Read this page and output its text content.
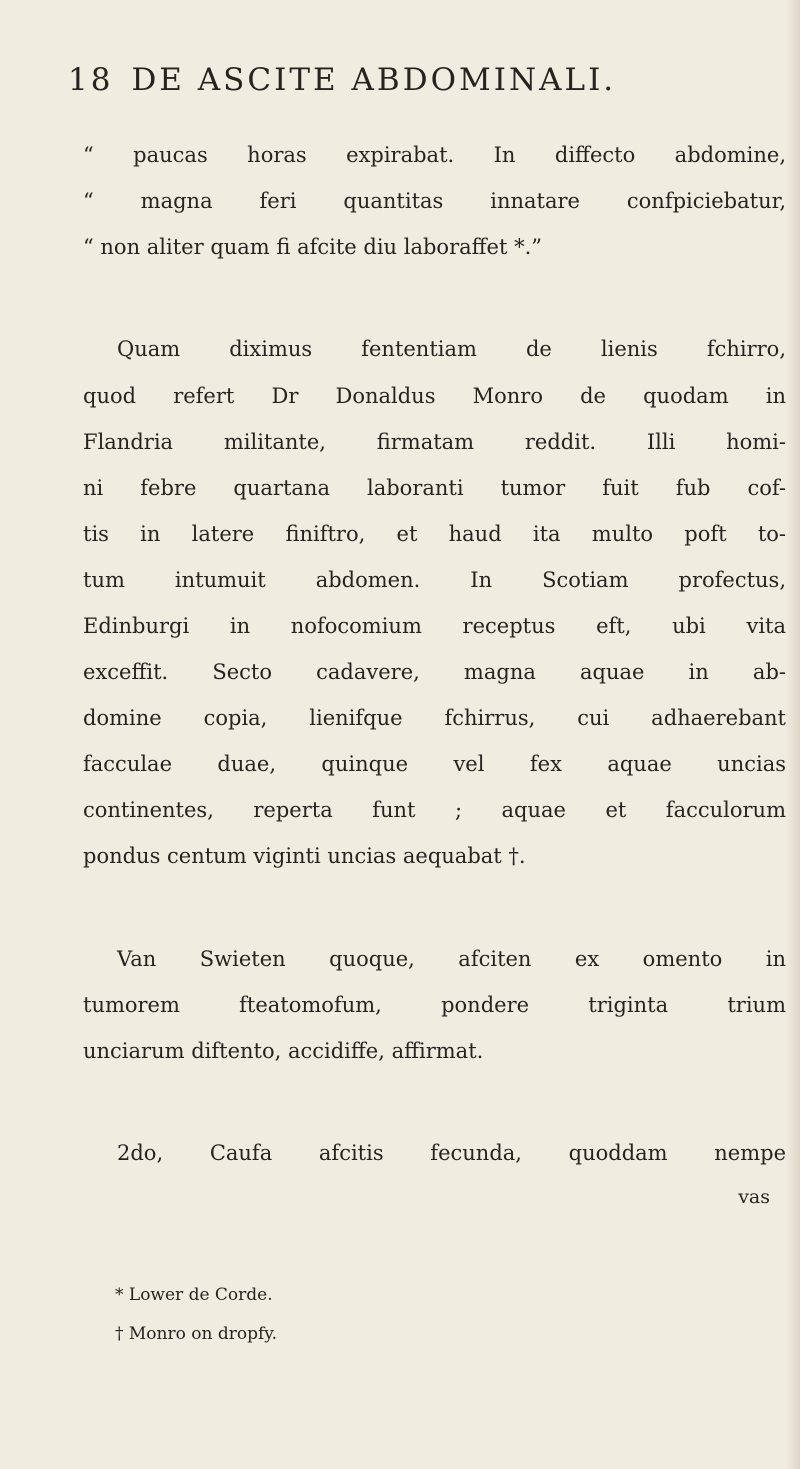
18 DE ASCITE ABDOMINALI.
“ paucas horas expirabat. In diffecto abdomine,
“ magna feri quantitas innatare confpiciebatur,
“ non aliter quam fi afcite diu laboraffet *.”
Quam diximus fententiam de lienis fchirro,
quod refert Dr Donaldus Monro de quodam in
Flandria militante, firmatam reddit. Illi homi-
ni febre quartana laboranti tumor fuit fub cof-
tis in latere finiftro, et haud ita multo poft to-
tum intumuit abdomen. In Scotiam profectus,
Edinburgi in nofocomium receptus eft, ubi vita
exceffit. Secto cadavere, magna aquae in ab-
domine copia, lienifque fchirrus, cui adhaerebant
facculae duae, quinque vel fex aquae uncias
continentes, reperta funt ; aquae et facculorum
pondus centum viginti uncias aequabat †.
Van Swieten quoque, afciten ex omento in
tumorem fteatomofum, pondere triginta trium
unciarum diftento, accidiffe, affirmat.
2do, Caufa afcitis fecunda, quoddam nempe
vas
* Lower de Corde.
† Monro on dropfy.
